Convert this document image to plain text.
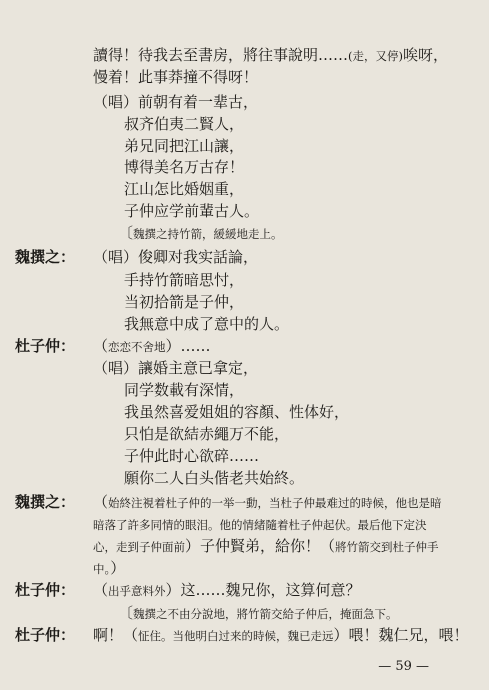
讀得！待我去至書房，將往事說明……(走，又停)唉呀，
慢着！此事莽撞不得呀！
（唱）前朝有着一辈古，
叔齐伯夷二賢人，
弟兄同把江山讓，
博得美名万古存！
江山怎比婚姻重，
子仲应学前輩古人。
〔魏撰之持竹箭，緩緩地走上。
魏撰之： （唱）俊卿对我实話論，
手持竹箭暗思忖，
当初拾箭是子仲，
我無意中成了意中的人。
杜子仲： （恋恋不舍地）……
（唱）讓婚主意已拿定，
同学数載有深情，
我虽然喜爱姐姐的容顏、性体好，
只怕是欲結赤繩万不能，
子仲此时心欲碎……
願你二人白头偕老共始終。
魏撰之： （始終注視着杜子仲的一举一動，当杜子仲最难过的時候，他也是暗
暗落了許多同情的眼泪。他的情緒隨着杜子仲起伏。最后他下定決
心，走到子仲面前）子仲賢弟，給你！（將竹箭交到杜子仲手
中。）
杜子仲： （出乎意料外）这……魏兄你，这算何意？
〔魏撰之不由分說地，將竹箭交給子仲后，掩面急下。
杜子仲： 啊！（怔住。当他明白过来的時候，魏已走远）喂！魏仁兄，喂！
— 59 —
